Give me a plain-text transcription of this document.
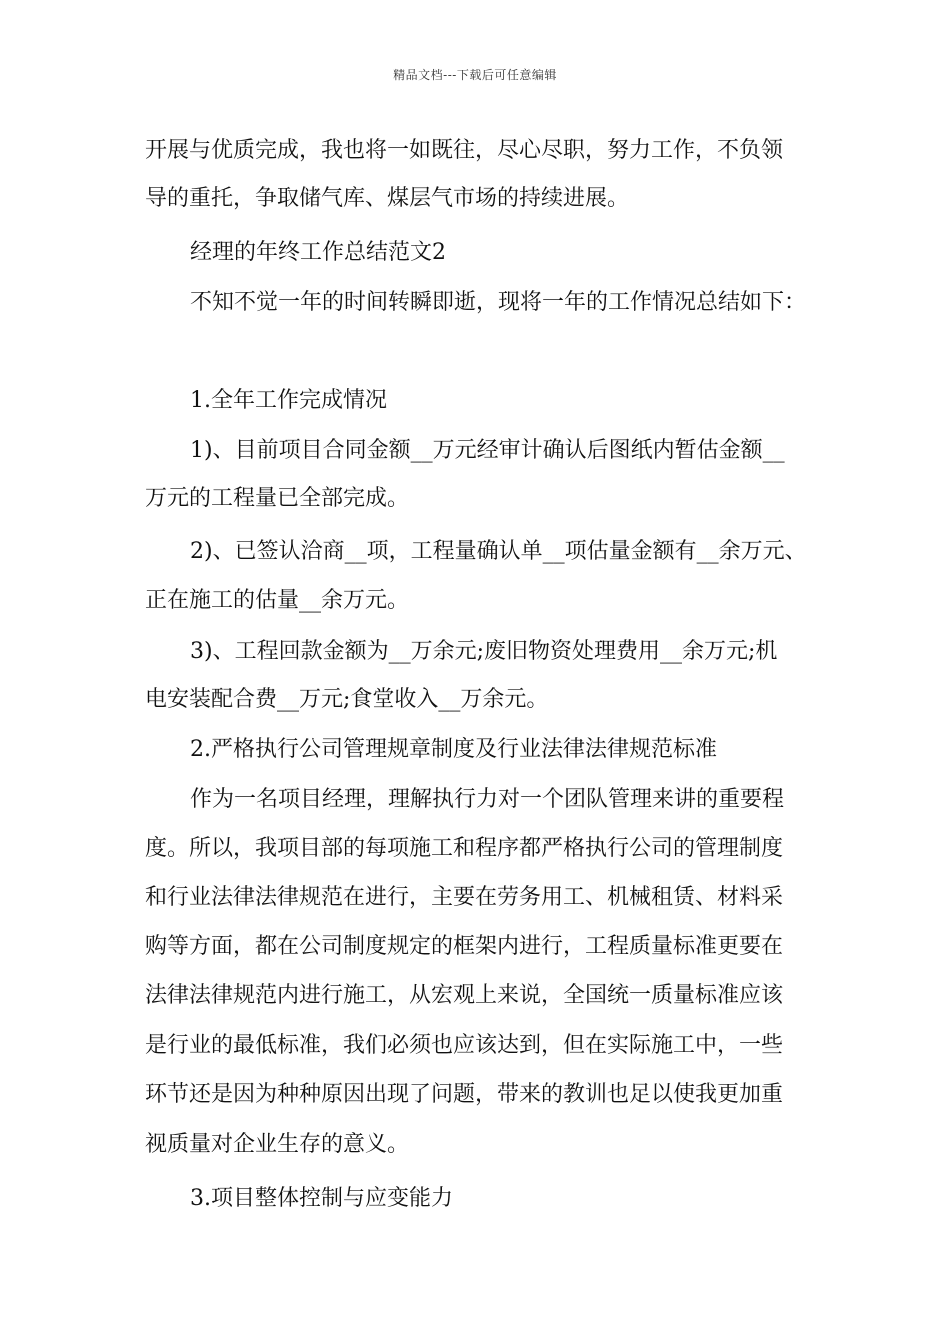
精品文档---下载后可任意编辑
开展与优质完成，我也将一如既往，尽心尽职，努力工作，不负领
导的重托，争取储气库、煤层气市场的持续进展。
经理的年终工作总结范文2
不知不觉一年的时间转瞬即逝，现将一年的工作情况总结如下：
1.全年工作完成情况
1)、目前项目合同金额__万元经审计确认后图纸内暂估金额__
万元的工程量已全部完成。
2)、已签认洽商__项，工程量确认单__项估量金额有__余万元、
正在施工的估量__余万元。
3)、工程回款金额为__万余元;废旧物资处理费用__余万元;机
电安装配合费__万元;食堂收入__万余元。
2.严格执行公司管理规章制度及行业法律法律规范标准
作为一名项目经理，理解执行力对一个团队管理来讲的重要程
度。所以，我项目部的每项施工和程序都严格执行公司的管理制度
和行业法律法律规范在进行，主要在劳务用工、机械租赁、材料采
购等方面，都在公司制度规定的框架内进行，工程质量标准更要在
法律法律规范内进行施工，从宏观上来说，全国统一质量标准应该
是行业的最低标准，我们必须也应该达到，但在实际施工中，一些
环节还是因为种种原因出现了问题，带来的教训也足以使我更加重
视质量对企业生存的意义。
3.项目整体控制与应变能力
